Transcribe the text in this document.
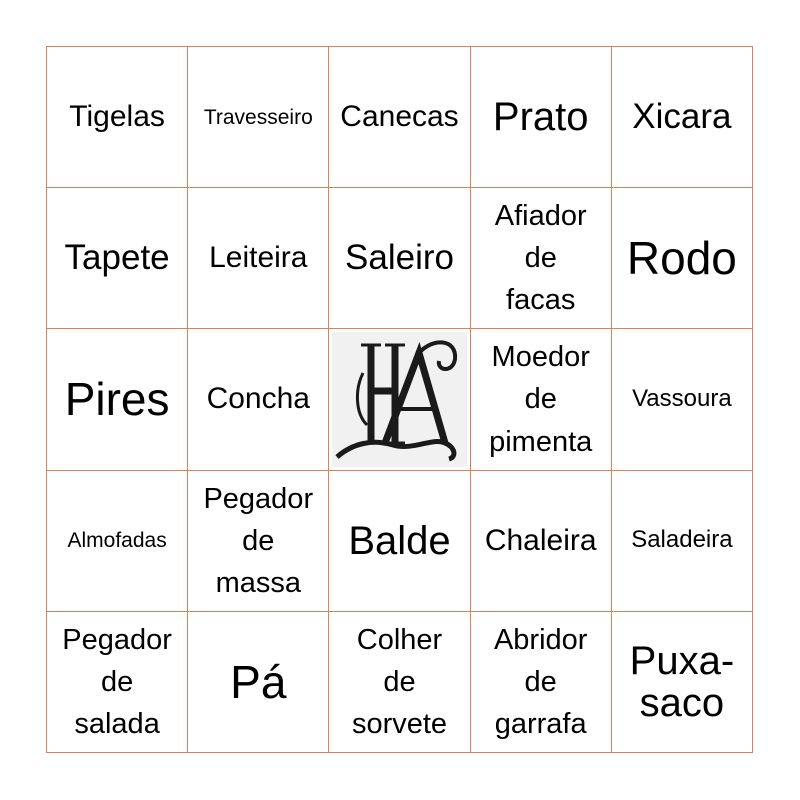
Tigelas Travesseiro Canecas Prato Xicara
Tapete Leiteira Saleiro
Afiador
de
facas
Rodo
Pires Concha
Moedor
de
pimenta
Vassoura
Almofadas
Pegador
de
massa
Balde Chaleira Saladeira
Pegador
de
salada
Pá
Colher
de
sorvete
Abridor
de
garrafa
Puxa-
saco
